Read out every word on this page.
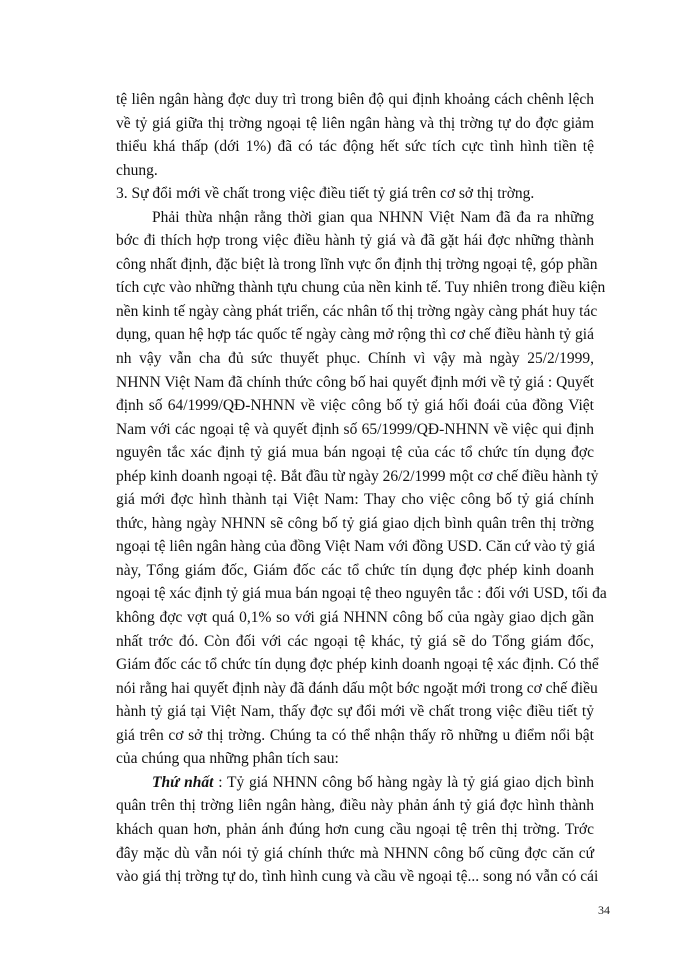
tệ liên ngân hàng đợc duy trì trong biên độ qui định khoảng cách chênh lệch
về tỷ giá giữa thị trờng ngoại tệ liên ngân hàng và thị trờng tự do đợc giảm
thiểu khá thấp (dới 1%) đã có tác động hết sức tích cực tình hình tiền tệ
chung.
3. Sự đổi mới về chất trong việc điều tiết tỷ giá trên cơ sở thị trờng.
Phải thừa nhận rằng thời gian qua NHNN Việt Nam đã đa ra những
bớc đi thích hợp trong việc điều hành tỷ giá và đã gặt hái đợc những thành
công nhất định, đặc biệt là trong lĩnh vực ổn định thị trờng ngoại tệ, góp phần
tích cực vào những thành tựu chung của nền kinh tế. Tuy nhiên trong điều kiện
nền kinh tế ngày càng phát triển, các nhân tố thị trờng ngày càng phát huy tác
dụng, quan hệ hợp tác quốc tế ngày càng mở rộng thì cơ chế điều hành tỷ giá
nh vậy vẫn cha đủ sức thuyết phục. Chính vì vậy mà ngày 25/2/1999,
NHNN Việt Nam đã chính thức công bố hai quyết định mới về tỷ giá : Quyết
định số 64/1999/QĐ-NHNN về việc công bố tỷ giá hối đoái của đồng Việt
Nam với các ngoại tệ và quyết định số 65/1999/QĐ-NHNN về việc qui định
nguyên tắc xác định tỷ giá mua bán ngoại tệ của các tổ chức tín dụng đợc
phép kinh doanh ngoại tệ. Bắt đầu từ ngày 26/2/1999 một cơ chế điều hành tỷ
giá mới đợc hình thành tại Việt Nam: Thay cho việc công bố tỷ giá chính
thức, hàng ngày NHNN sẽ công bố tỷ giá giao dịch bình quân trên thị trờng
ngoại tệ liên ngân hàng của đồng Việt Nam với đồng USD. Căn cứ vào tỷ giá
này, Tổng giám đốc, Giám đốc các tổ chức tín dụng đợc phép kinh doanh
ngoại tệ xác định tỷ giá mua bán ngoại tệ theo nguyên tắc : đối với USD, tối đa
không đợc vợt quá 0,1% so với giá NHNN công bố của ngày giao dịch gần
nhất trớc đó. Còn đối với các ngoại tệ khác, tỷ giá sẽ do Tổng giám đốc,
Giám đốc các tổ chức tín dụng đợc phép kinh doanh ngoại tệ xác định. Có thể
nói rằng hai quyết định này đã đánh dấu một bớc ngoặt mới trong cơ chế điều
hành tỷ giá tại Việt Nam, thấy đợc sự đổi mới về chất trong việc điều tiết tỷ
giá trên cơ sở thị trờng. Chúng ta có thể nhận thấy rõ những u điểm nổi bật
của chúng qua những phân tích sau:
Thứ nhất : Tỷ giá NHNN công bố hàng ngày là tỷ giá giao dịch bình
quân trên thị trờng liên ngân hàng, điều này phản ánh tỷ giá đợc hình thành
khách quan hơn, phản ánh đúng hơn cung cầu ngoại tệ trên thị trờng. Trớc
đây mặc dù vẫn nói tỷ giá chính thức mà NHNN công bố cũng đợc căn cứ
vào giá thị trờng tự do, tình hình cung và cầu về ngoại tệ... song nó vẫn có cái
34
